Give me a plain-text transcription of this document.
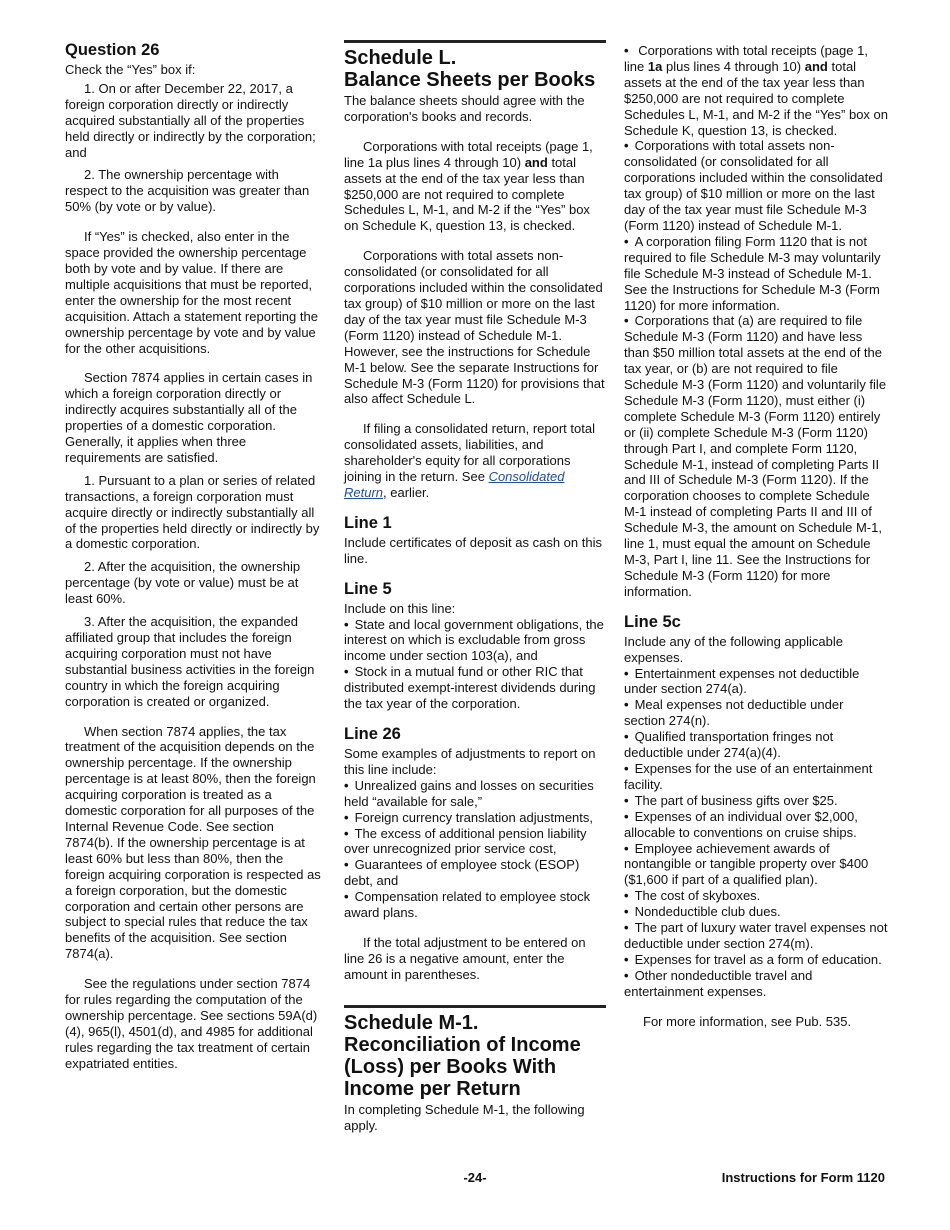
Question 26

Check the “Yes” box if:

1. On or after December 22, 2017, a foreign corporation directly or indirectly acquired substantially all of the properties held directly or indirectly by the corporation; and

2. The ownership percentage with respect to the acquisition was greater than 50% (by vote or by value).

If “Yes” is checked, also enter in the space provided the ownership percentage both by vote and by value. If there are multiple acquisitions that must be reported, enter the ownership for the most recent acquisition. Attach a statement reporting the ownership percentage by vote and by value for the other acquisitions.

Section 7874 applies in certain cases in which a foreign corporation directly or indirectly acquires substantially all of the properties of a domestic corporation. Generally, it applies when three requirements are satisfied.

1. Pursuant to a plan or series of related transactions, a foreign corporation must acquire directly or indirectly substantially all of the properties held directly or indirectly by a domestic corporation.

2. After the acquisition, the ownership percentage (by vote or value) must be at least 60%.

3. After the acquisition, the expanded affiliated group that includes the foreign acquiring corporation must not have substantial business activities in the foreign country in which the foreign acquiring corporation is created or organized.

When section 7874 applies, the tax treatment of the acquisition depends on the ownership percentage. If the ownership percentage is at least 80%, then the foreign acquiring corporation is treated as a domestic corporation for all purposes of the Internal Revenue Code. See section 7874(b). If the ownership percentage is at least 60% but less than 80%, then the foreign acquiring corporation is respected as a foreign corporation, but the domestic corporation and certain other persons are subject to special rules that reduce the tax benefits of the acquisition. See section 7874(a).

See the regulations under section 7874 for rules regarding the computation of the ownership percentage. See sections 59A(d)(4), 965(l), 4501(d), and 4985 for additional rules regarding the tax treatment of certain expatriated entities.

Schedule L.
Balance Sheets per Books

The balance sheets should agree with the corporation's books and records.

Corporations with total receipts (page 1, line 1a plus lines 4 through 10) and total assets at the end of the tax year less than $250,000 are not required to complete Schedules L, M-1, and M-2 if the “Yes” box on Schedule K, question 13, is checked.

Corporations with total assets non-consolidated (or consolidated for all corporations included within the consolidated tax group) of $10 million or more on the last day of the tax year must file Schedule M-3 (Form 1120) instead of Schedule M-1. However, see the instructions for Schedule M-1 below. See the separate Instructions for Schedule M-3 (Form 1120) for provisions that also affect Schedule L.

If filing a consolidated return, report total consolidated assets, liabilities, and shareholder's equity for all corporations joining in the return. See Consolidated Return, earlier.

Line 1

Include certificates of deposit as cash on this line.

Line 5

Include on this line:

• State and local government obligations, the interest on which is excludable from gross income under section 103(a), and

• Stock in a mutual fund or other RIC that distributed exempt-interest dividends during the tax year of the corporation.

Line 26

Some examples of adjustments to report on this line include:

• Unrealized gains and losses on securities held “available for sale,”

• Foreign currency translation adjustments,

• The excess of additional pension liability over unrecognized prior service cost,

• Guarantees of employee stock (ESOP) debt, and

• Compensation related to employee stock award plans.

If the total adjustment to be entered on line 26 is a negative amount, enter the amount in parentheses.

Schedule M-1.
Reconciliation of Income
(Loss) per Books With
Income per Return

In completing Schedule M-1, the following apply.

• Corporations with total receipts (page 1, line 1a plus lines 4 through 10) and total assets at the end of the tax year less than $250,000 are not required to complete Schedules L, M-1, and M-2 if the “Yes” box on Schedule K, question 13, is checked.

• Corporations with total assets non-consolidated (or consolidated for all corporations included within the consolidated tax group) of $10 million or more on the last day of the tax year must file Schedule M-3 (Form 1120) instead of Schedule M-1.

• A corporation filing Form 1120 that is not required to file Schedule M-3 may voluntarily file Schedule M-3 instead of Schedule M-1. See the Instructions for Schedule M-3 (Form 1120) for more information.

• Corporations that (a) are required to file Schedule M-3 (Form 1120) and have less than $50 million total assets at the end of the tax year, or (b) are not required to file Schedule M-3 (Form 1120) and voluntarily file Schedule M-3 (Form 1120), must either (i) complete Schedule M-3 (Form 1120) entirely or (ii) complete Schedule M-3 (Form 1120) through Part I, and complete Form 1120, Schedule M-1, instead of completing Parts II and III of Schedule M-3 (Form 1120). If the corporation chooses to complete Schedule M-1 instead of completing Parts II and III of Schedule M-3, the amount on Schedule M-1, line 1, must equal the amount on Schedule M-3, Part I, line 11. See the Instructions for Schedule M-3 (Form 1120) for more information.

Line 5c

Include any of the following applicable expenses.

• Entertainment expenses not deductible under section 274(a).

• Meal expenses not deductible under section 274(n).

• Qualified transportation fringes not deductible under 274(a)(4).

• Expenses for the use of an entertainment facility.

• The part of business gifts over $25.

• Expenses of an individual over $2,000, allocable to conventions on cruise ships.

• Employee achievement awards of nontangible or tangible property over $400 ($1,600 if part of a qualified plan).

• The cost of skyboxes.

• Nondeductible club dues.

• The part of luxury water travel expenses not deductible under section 274(m).

• Expenses for travel as a form of education.

• Other nondeductible travel and entertainment expenses.

For more information, see Pub. 535.

-24-	Instructions for Form 1120
